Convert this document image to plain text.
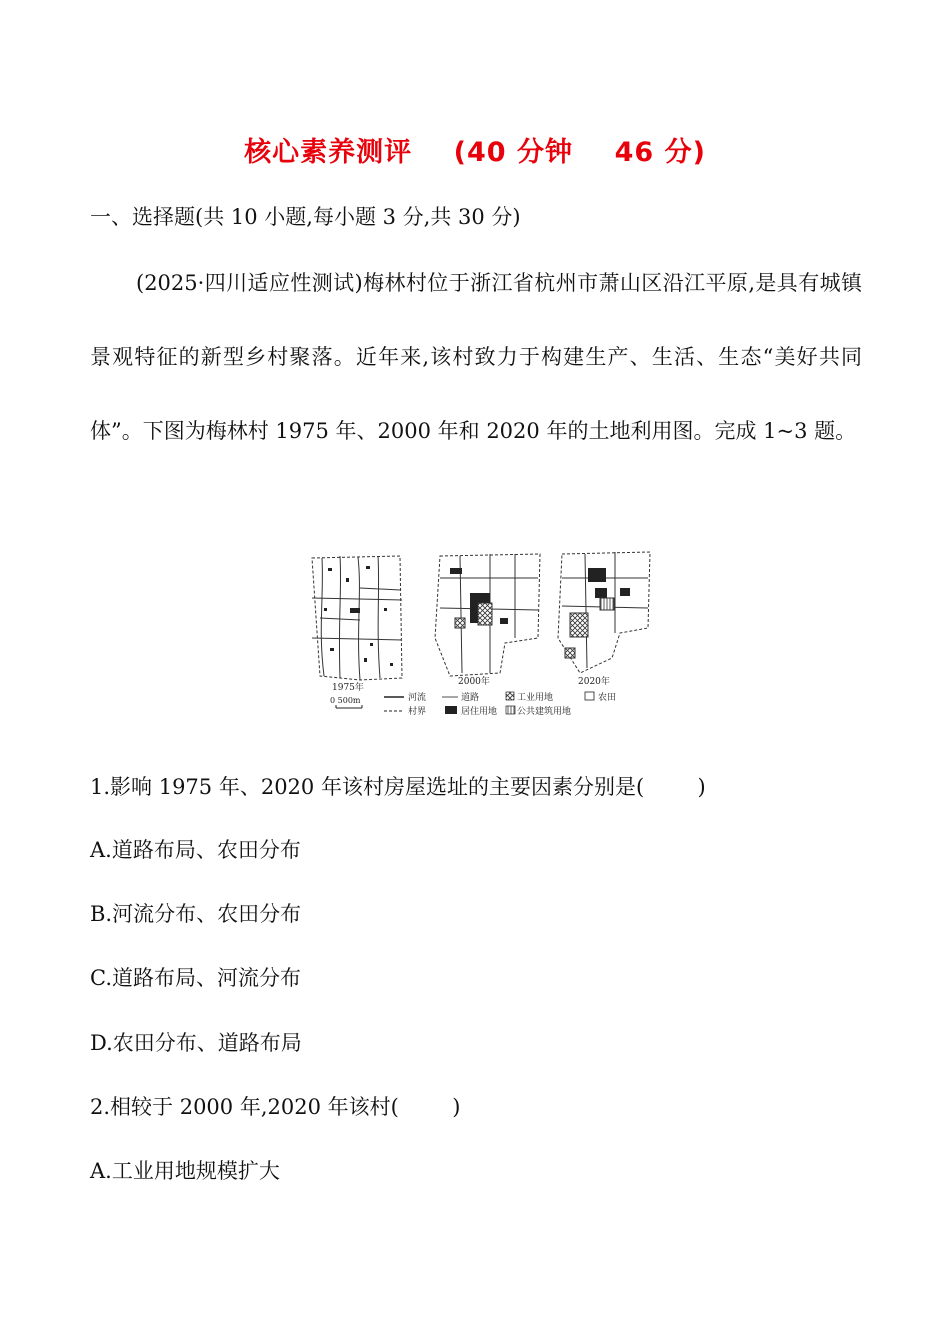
核心素养测评    (40 分钟    46 分)
一、选择题(共 10 小题,每小题 3 分,共 30 分)

(2025·四川适应性测试)梅林村位于浙江省杭州市萧山区沿江平原,是具有城镇景观特征的新型乡村聚落。近年来,该村致力于构建生产、生活、生态“美好共同体”。下图为梅林村 1975 年、2000 年和 2020 年的土地利用图。完成 1~3 题。

1975年
2000年	2020年
0 500m	河流	道路	工业用地	农田
村界	居住用地 公共建筑用地
1.影响 1975 年、2020 年该村房屋选址的主要因素分别是(        )
A.道路布局、农田分布
B.河流分布、农田分布
C.道路布局、河流分布
D.农田分布、道路布局
2.相较于 2000 年,2020 年该村(        )
A.工业用地规模扩大
